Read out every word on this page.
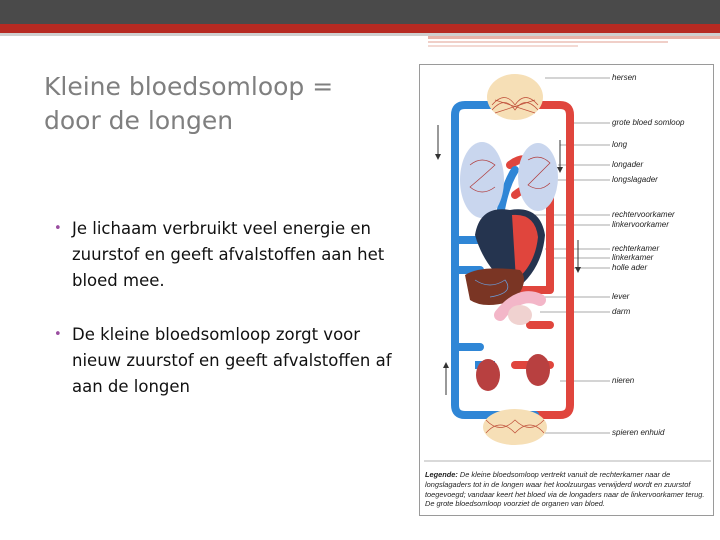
Kleine bloedsomloop =
door de longen
• Je lichaam verbruikt veel energie en zuurstof en geeft afvalstoffen aan het bloed mee.
• De kleine bloedsomloop zorgt voor nieuw zuurstof en geeft afvalstoffen af aan de longen
hersen
grote bloed somloop
long
longader
longslagader
rechtervoorkamer
linkervoorkamer
rechterkamer
linkerkamer
holle ader
lever
darm
nieren
spieren enhuid
Legende: De kleine bloedsomloop vertrekt vanuit de rechterkamer naar de longslagaders tot in de longen waar het koolzuurgas verwijderd wordt en zuurstof toegevoegd; vandaar keert het bloed via de longaders naar de linkervoorkamer terug. De grote bloedsomloop voorziet de organen van bloed.
